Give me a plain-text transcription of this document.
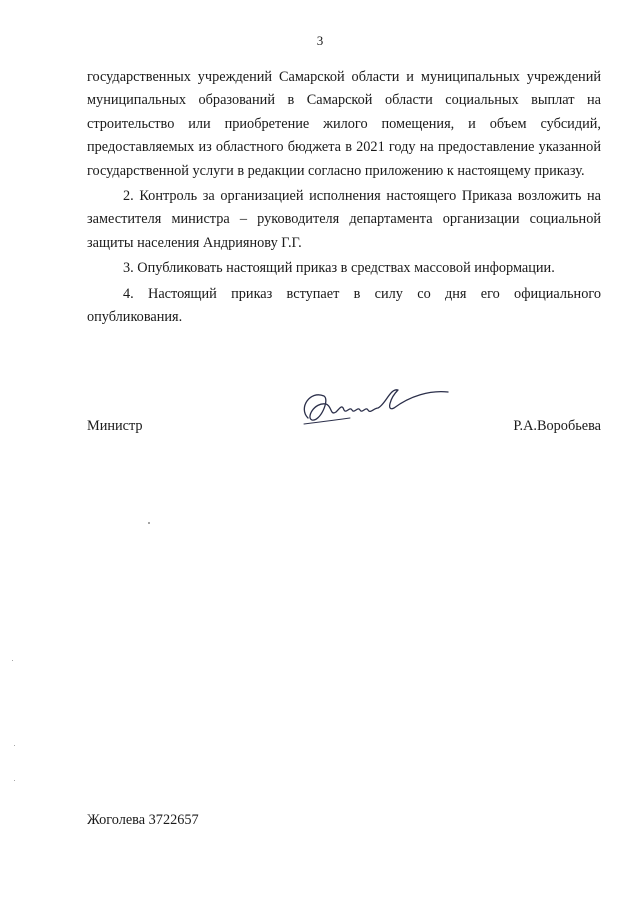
3

государственных учреждений Самарской области и муниципальных учреждений муниципальных образований в Самарской области социальных выплат на строительство или приобретение жилого помещения, и объем субсидий, предоставляемых из областного бюджета в 2021 году на предоставление указанной государственной услуги в редакции согласно приложению к настоящему приказу.

2. Контроль за организацией исполнения настоящего Приказа возложить на заместителя министра – руководителя департамента организации социальной защиты населения Андриянову Г.Г.

3. Опубликовать настоящий приказ в средствах массовой информации.

4. Настоящий приказ вступает в силу со дня его официального опубликования.

Министр	Р.А.Воробьева
Жоголева 3722657
